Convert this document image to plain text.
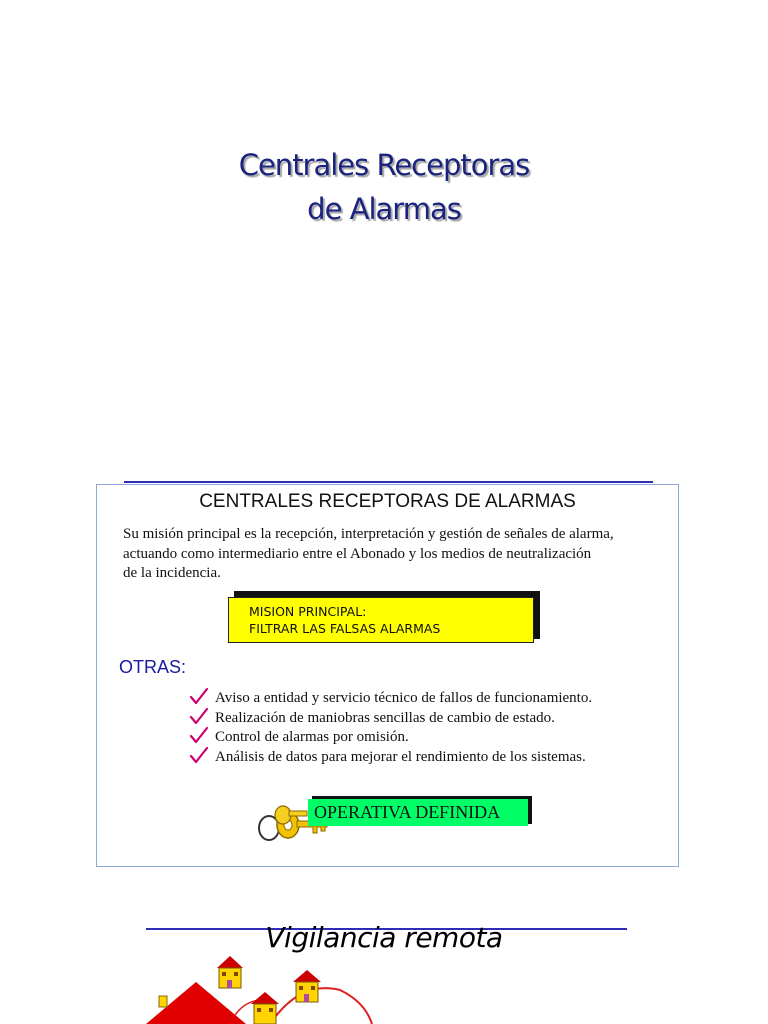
Centrales Receptoras
de Alarmas
CENTRALES RECEPTORAS DE ALARMAS
Su misión principal es la recepción, interpretación y gestión de señales de alarma,
actuando como intermediario entre el Abonado y los medios de neutralización
de la incidencia.
MISION PRINCIPAL:
FILTRAR LAS FALSAS ALARMAS
OTRAS:
Aviso a entidad y servicio técnico de fallos de funcionamiento.
Realización de maniobras sencillas de cambio de estado.
Control de alarmas por omisión.
Análisis de datos para mejorar el rendimiento de los sistemas.
OPERATIVA DEFINIDA
Vigilancia remota
